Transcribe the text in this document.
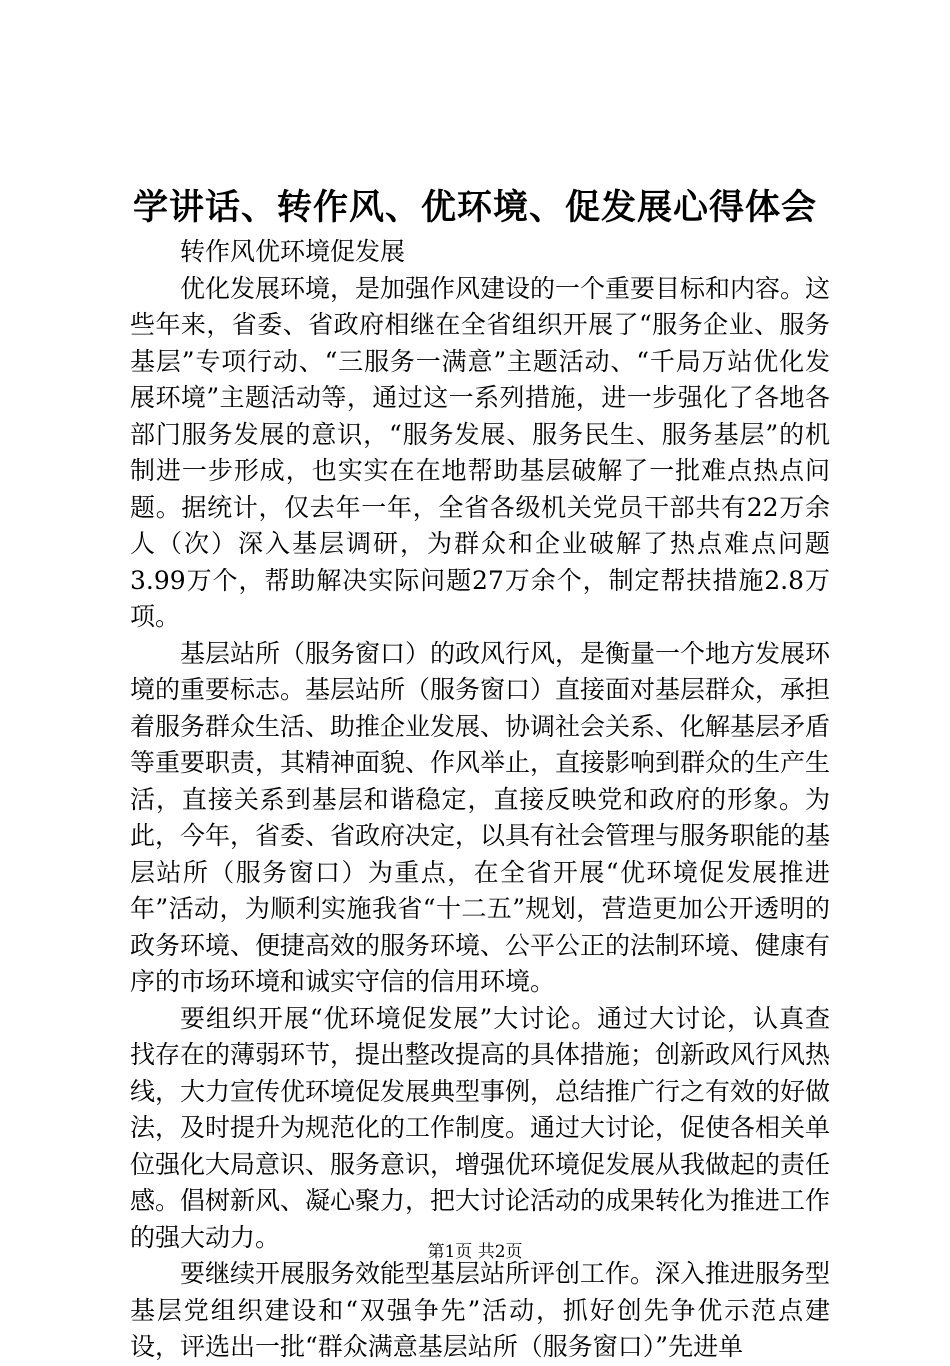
学讲话、转作风、优环境、促发展心得体会
转作风优环境促发展

优化发展环境，是加强作风建设的一个重要目标和内容。这些年来，省委、省政府相继在全省组织开展了“服务企业、服务基层”专项行动、“三服务一满意”主题活动、“千局万站优化发展环境”主题活动等，通过这一系列措施，进一步强化了各地各部门服务发展的意识，“服务发展、服务民生、服务基层”的机制进一步形成，也实实在在地帮助基层破解了一批难点热点问题。据统计，仅去年一年，全省各级机关党员干部共有22万余人（次）深入基层调研，为群众和企业破解了热点难点问题3.99万个，帮助解决实际问题27万余个，制定帮扶措施2.8万项。

基层站所（服务窗口）的政风行风，是衡量一个地方发展环境的重要标志。基层站所（服务窗口）直接面对基层群众，承担着服务群众生活、助推企业发展、协调社会关系、化解基层矛盾等重要职责，其精神面貌、作风举止，直接影响到群众的生产生活，直接关系到基层和谐稳定，直接反映党和政府的形象。为此，今年，省委、省政府决定，以具有社会管理与服务职能的基层站所（服务窗口）为重点，在全省开展“优环境促发展推进年”活动，为顺利实施我省“十二五”规划，营造更加公开透明的政务环境、便捷高效的服务环境、公平公正的法制环境、健康有序的市场环境和诚实守信的信用环境。

要组织开展“优环境促发展”大讨论。通过大讨论，认真查找存在的薄弱环节，提出整改提高的具体措施；创新政风行风热线，大力宣传优环境促发展典型事例，总结推广行之有效的好做法，及时提升为规范化的工作制度。通过大讨论，促使各相关单位强化大局意识、服务意识，增强优环境促发展从我做起的责任感。倡树新风、凝心聚力，把大讨论活动的成果转化为推进工作的强大动力。

要继续开展服务效能型基层站所评创工作。深入推进服务型基层党组织建设和“双强争先”活动，抓好创先争优示范点建设，评选出一批“群众满意基层站所（服务窗口）”先进单

第1页 共2页
